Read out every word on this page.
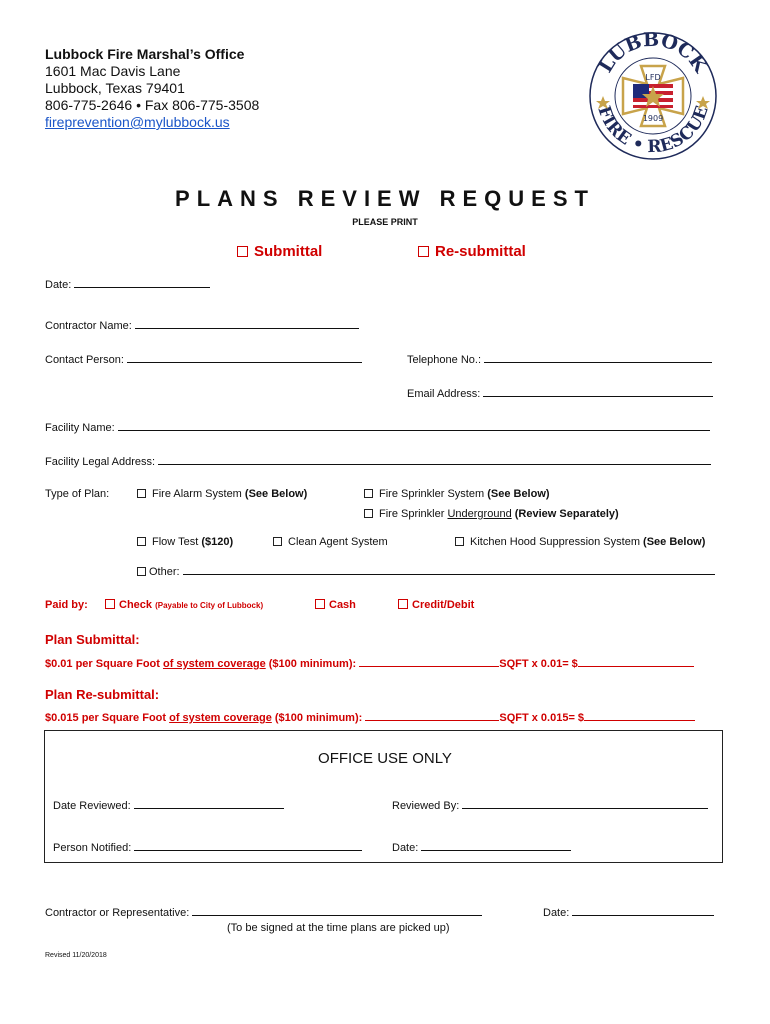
Lubbock Fire Marshal’s Office
1601 Mac Davis Lane
Lubbock, Texas 79401
806-775-2646 • Fax 806-775-3508
fireprevention@mylubbock.us
LUBBOCK
FIRE • RESCUE
LFD
1909
PLANS REVIEW REQUEST
PLEASE PRINT
Submittal	Re-submittal
Date:
Contractor Name:
Contact Person:	Telephone No.:
Email Address:
Facility Name:
Facility Legal Address:
Type of Plan:	Fire Alarm System (See Below)	Fire Sprinkler System (See Below)
Fire Sprinkler Underground (Review Separately)
Flow Test ($120)	Clean Agent System	Kitchen Hood Suppression System (See Below)
Other:
Paid by:	Check (Payable to City of Lubbock)	Cash	Credit/Debit
Plan Submittal:
$0.01 per Square Foot of system coverage ($100 minimum):	SQFT x 0.01= $
Plan Re-submittal:
$0.015 per Square Foot of system coverage ($100 minimum):	SQFT x 0.015= $
OFFICE USE ONLY
Date Reviewed:	Reviewed By:
Person Notified:	Date:
Contractor or Representative:	Date:
(To be signed at the time plans are picked up)
Revised 11/20/2018
